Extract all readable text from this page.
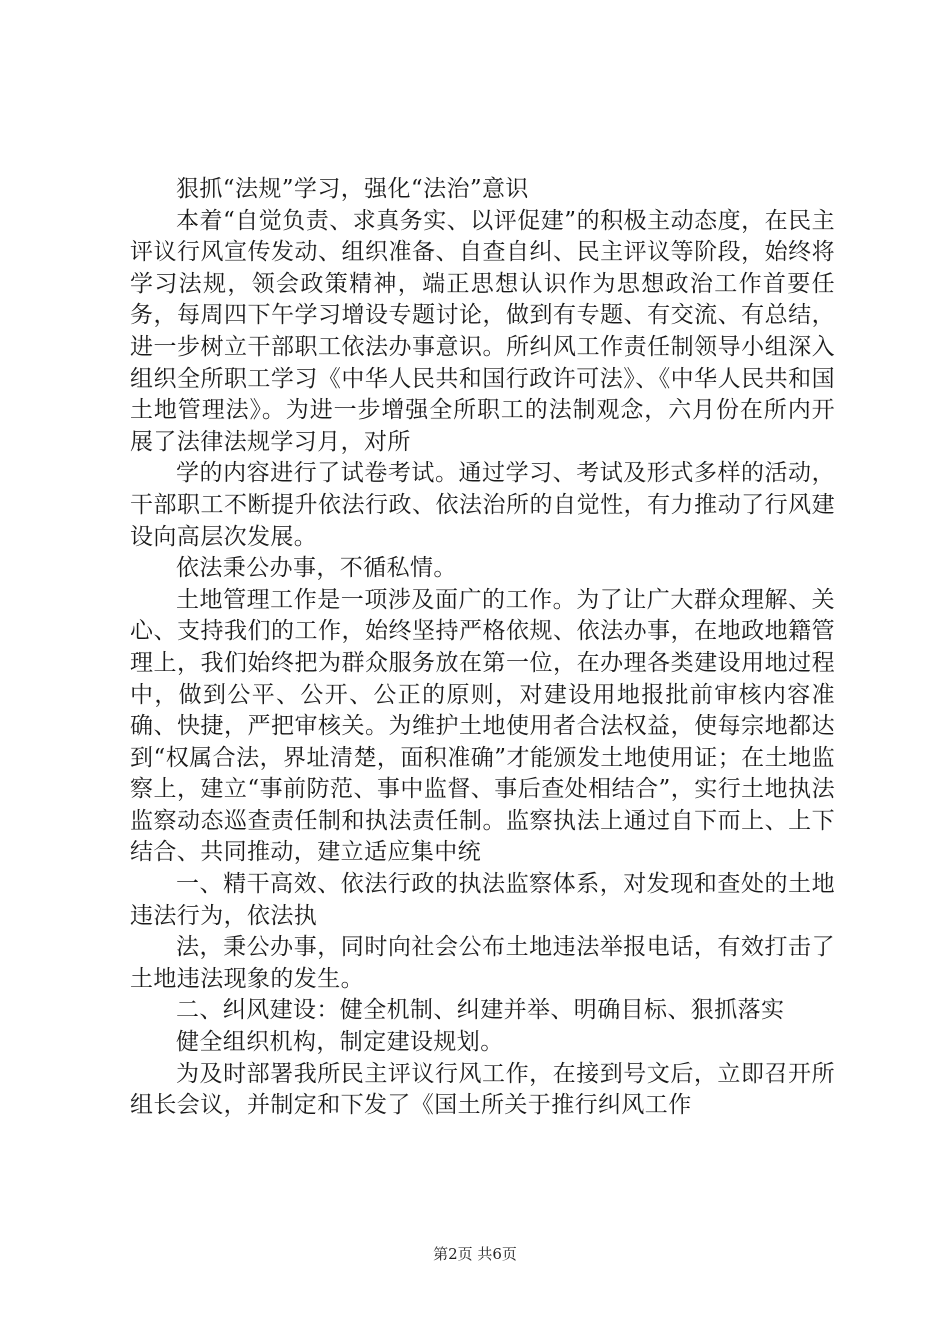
狠抓“法规”学习，强化“法治”意识

本着“自觉负责、求真务实、以评促建”的积极主动态度，在民主评议行风宣传发动、组织准备、自查自纠、民主评议等阶段，始终将学习法规，领会政策精神，端正思想认识作为思想政治工作首要任务，每周四下午学习增设专题讨论，做到有专题、有交流、有总结，进一步树立干部职工依法办事意识。所纠风工作责任制领导小组深入组织全所职工学习《中华人民共和国行政许可法》、《中华人民共和国土地管理法》。为进一步增强全所职工的法制观念，六月份在所内开展了法律法规学习月，对所

学的内容进行了试卷考试。通过学习、考试及形式多样的活动，干部职工不断提升依法行政、依法治所的自觉性，有力推动了行风建设向高层次发展。

依法秉公办事，不循私情。

土地管理工作是一项涉及面广的工作。为了让广大群众理解、关心、支持我们的工作，始终坚持严格依规、依法办事，在地政地籍管理上，我们始终把为群众服务放在第一位，在办理各类建设用地过程中，做到公平、公开、公正的原则，对建设用地报批前审核内容准确、快捷，严把审核关。为维护土地使用者合法权益，使每宗地都达到“权属合法，界址清楚，面积准确”才能颁发土地使用证；在土地监察上，建立“事前防范、事中监督、事后查处相结合”，实行土地执法监察动态巡查责任制和执法责任制。监察执法上通过自下而上、上下结合、共同推动，建立适应集中统

一、精干高效、依法行政的执法监察体系，对发现和查处的土地违法行为，依法执

法，秉公办事，同时向社会公布土地违法举报电话，有效打击了土地违法现象的发生。

二、纠风建设：健全机制、纠建并举、明确目标、狠抓落实

健全组织机构，制定建设规划。

为及时部署我所民主评议行风工作，在接到号文后，立即召开所组长会议，并制定和下发了《国土所关于推行纠风工作

第2页 共6页
